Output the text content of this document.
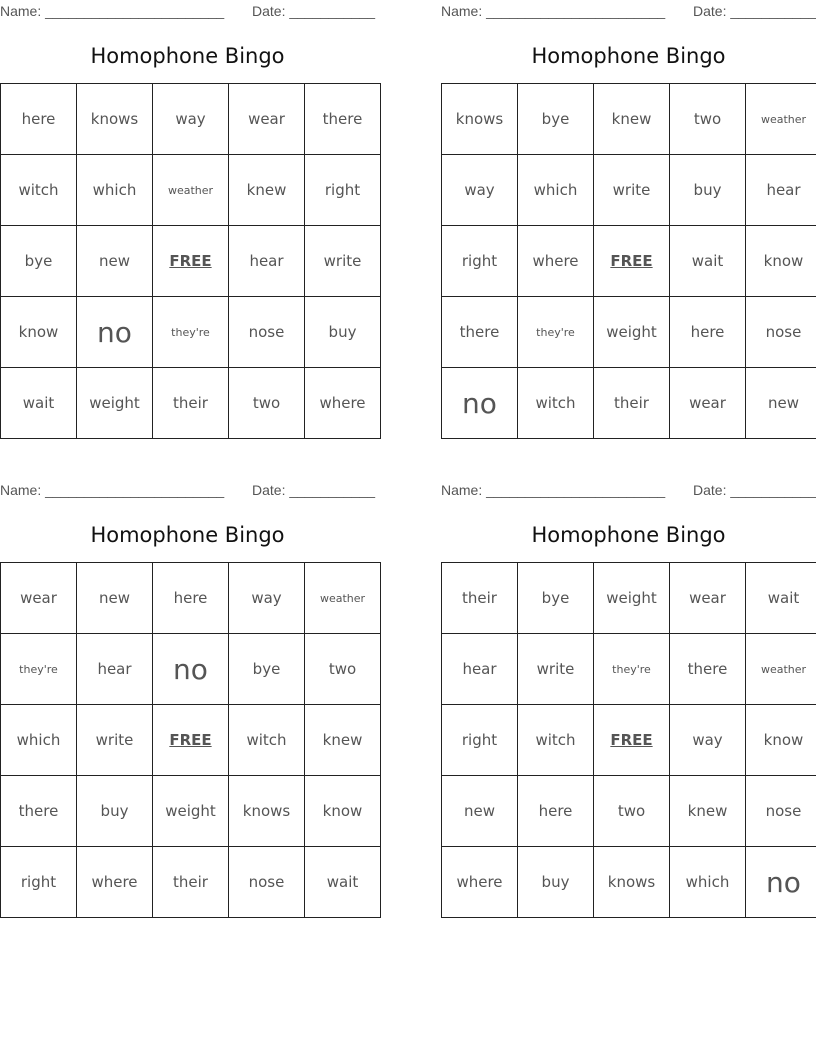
Name: _______________________ Date: ___________
Homophone Bingo
here	knows	way	wear	there
witch	which	weather	knew	right
bye	new	FREE	hear	write
know	no	they're	nose	buy
wait	weight	their	two	where
Name: _______________________ Date: ___________
Homophone Bingo
knows	bye	knew	two	weather
way	which	write	buy	hear
right	where	FREE	wait	know
there	they're	weight	here	nose
no	witch	their	wear	new
Name: _______________________ Date: ___________
Homophone Bingo
wear	new	here	way	weather
they're	hear	no	bye	two
which	write	FREE	witch	knew
there	buy	weight	knows	know
right	where	their	nose	wait
Name: _______________________ Date: ___________
Homophone Bingo
their	bye	weight	wear	wait
hear	write	they're	there	weather
right	witch	FREE	way	know
new	here	two	knew	nose
where	buy	knows	which	no
